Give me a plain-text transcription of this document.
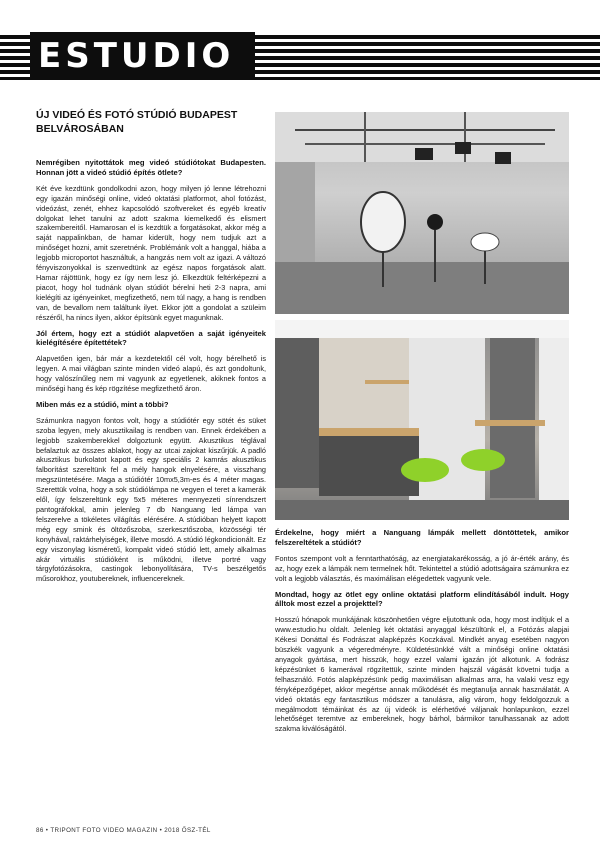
ESTUDIO
ÚJ VIDEÓ ÉS FOTÓ STÚDIÓ BUDAPEST BELVÁROSÁBAN

Nemrégiben nyitottátok meg videó stúdiótokat Budapesten. Honnan jött a videó stúdió építés ötlete?

Két éve kezdtünk gondolkodni azon, hogy milyen jó lenne létrehozni egy igazán minőségi online, videó oktatási platformot, ahol fotózást, videózást, zenét, ehhez kapcsolódó szoftvereket és egyéb kreatív dolgokat lehet tanulni az adott szakma kiemelkedő és elismert szakembereitől. Hamarosan el is kezdtük a forgatásokat, akkor még a saját nappalinkban, de hamar kiderült, hogy nem tudjuk azt a minőséget hozni, amit szeretnénk. Problémánk volt a hanggal, hiába a legjobb microportot használtuk, a hangzás nem volt az igazi. A változó fényviszonyokkal is szenvedtünk az egész napos forgatások alatt. Hamar rájöttünk, hogy ez így nem lesz jó. Elkezdtük feltérképezni a piacot, hogy hol tudnánk olyan stúdiót bérelni heti 2-3 napra, ami kielégíti az igényeinket, megfizethető, nem túl nagy, a hang is rendben van, de bevallom nem találtunk ilyet. Ekkor jött a gondolat a szüleim részéről, ha nincs ilyen, akkor építsünk egyet magunknak.

Jól értem, hogy ezt a stúdiót alapvetően a saját igényeitek kielégítésére építettétek?

Alapvetően igen, bár már a kezdetektől cél volt, hogy bérelhető is legyen. A mai világban szinte minden videó alapú, és azt gondoltunk, hogy valószínűleg nem mi vagyunk az egyetlenek, akiknek fontos a minőségi hang és kép rögzítése megfizethető áron.

Miben más ez a stúdió, mint a többi?

Számunkra nagyon fontos volt, hogy a stúdiótér egy sötét és süket szoba legyen, mely akusztikailag is rendben van. Ennek érdekében a legjobb szakemberekkel dolgoztunk együtt. Akusztikus téglával befalaztuk az összes ablakot, hogy az utcai zajokat kiszűrjük. A padló akusztikus burkolatot kapott és egy speciális 2 kamrás akusztikus falborítást szereltünk fel a mély hangok elnyelésére, a visszhang megszüntetésére. Maga a stúdiótér 10mx5,3m-es és 4 méter magas. Szerettük volna, hogy a sok stúdiólámpa ne vegyen el teret a kamerák elől, így felszereltünk egy 5x5 méteres mennyezeti sínrendszert pantográfokkal, amin jelenleg 7 db Nanguang led lámpa van felszerelve a tökéletes világítás elérésére. A stúdióban helyett kapott még egy smink és öltözőszoba, szerkesztőszoba, közösségi tér konyhával, raktárhelyiségek, illetve mosdó. A stúdió légkondicionált. Ez egy viszonylag kisméretű, kompakt videó stúdió lett, amely alkalmas akár virtuális stúdióként is működni, illetve portré vagy tárgyfotózásokra, castingok lebonyolítására, TV-s beszélgetős műsorokhoz, youtubereknek, influencereknek.

Érdekelne, hogy miért a Nanguang lámpák mellett döntöttetek, amikor felszereltétek a stúdiót?

Fontos szempont volt a fenntarthatóság, az energiatakarékosság, a jó ár-érték arány, és az, hogy ezek a lámpák nem termelnek hőt. Tekintettel a stúdió adottságaira számunkra ez volt a legjobb választás, és maximálisan elégedettek vagyunk vele.

Mondtad, hogy az ötlet egy online oktatási platform elindításából indult. Hogy álltok most ezzel a projekttel?

Hosszú hónapok munkájának köszönhetően végre eljutottunk oda, hogy most indítjuk el a www.estudio.hu oldalt. Jelenleg két oktatási anyaggal készültünk el, a Fotózás alapjai Kékesi Donáttal és Fodrászat alapképzés Koczkával. Mindkét anyag esetében nagyon büszkék vagyunk a végeredményre. Küldetésünkké vált a minőségi online oktatási anyagok gyártása, mert hisszük, hogy ezzel valami igazán jót alkotunk. A fodrász képzésünket 6 kamerával rögzítettük, szinte minden hajszál vágását követni tudja a felhasználó. Fotós alapképzésünk pedig maximálisan alkalmas arra, ha valaki vesz egy fényképezőgépet, akkor megértse annak működését és megtanulja annak használatát. A videó oktatás egy fantasztikus módszer a tanulásra, alig várom, hogy feldolgozzuk a megálmodott témáinkat és az új videók is elérhetővé váljanak honlapunkon, ezzel lehetőséget teremtve az embereknek, hogy bárhol, bármikor tanulhassanak az adott szakma kiválóságától.

86 • TRIPONT FOTO VIDEO MAGAZIN • 2018 ŐSZ-TÉL
